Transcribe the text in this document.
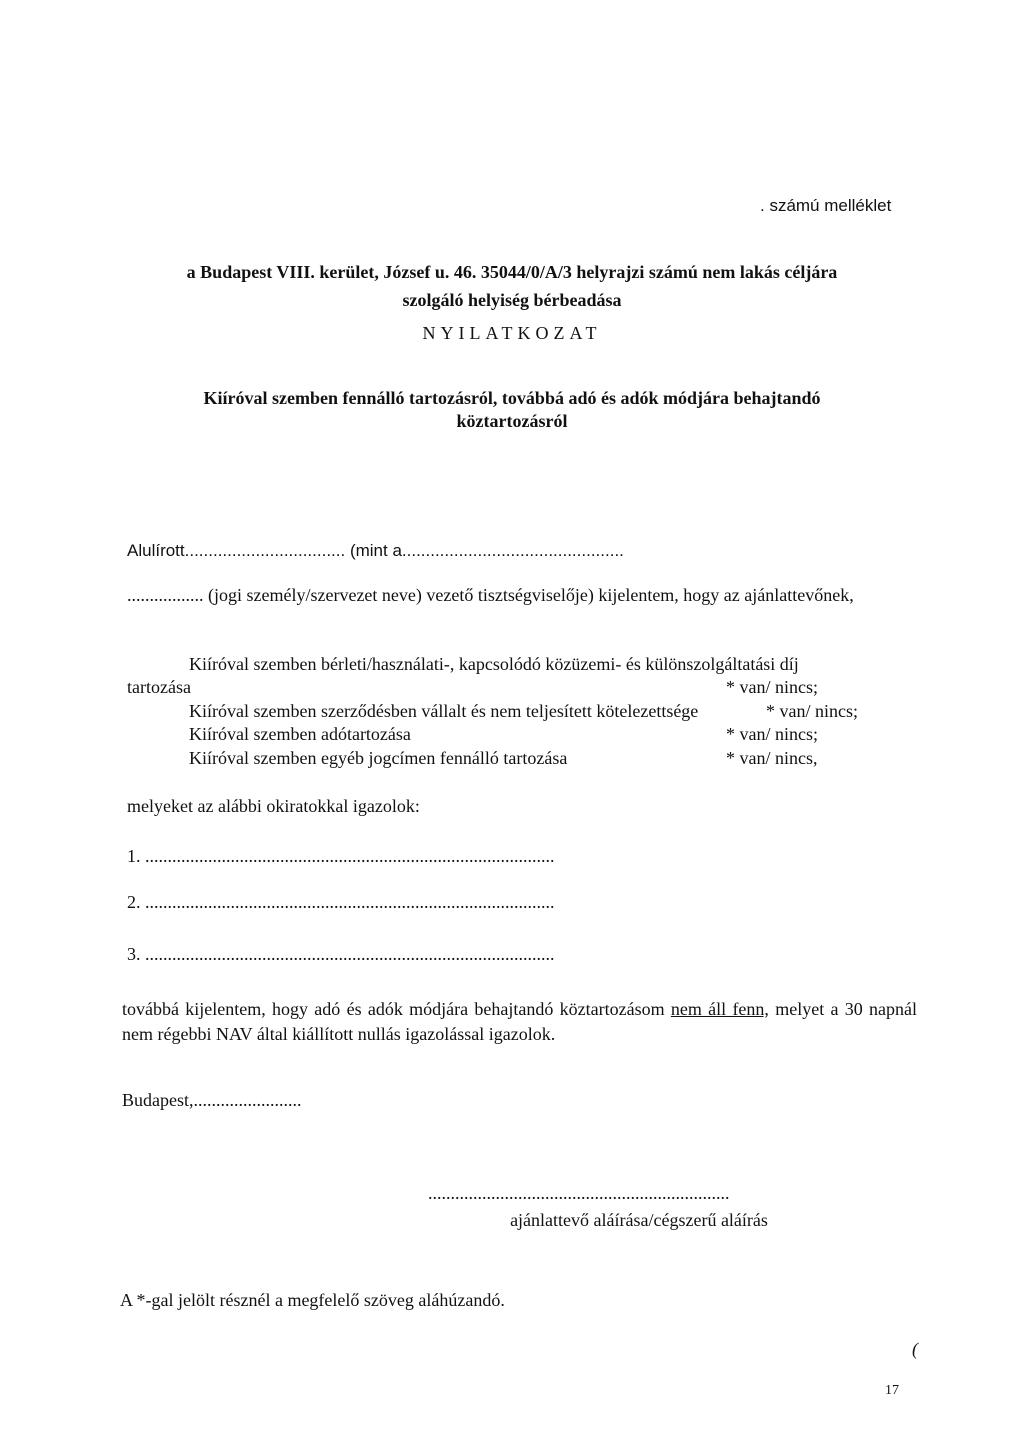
. számú melléklet
a Budapest VIII. kerület, József u. 46. 35044/0/A/3 helyrajzi számú nem lakás céljára
szolgáló helyiség bérbeadása
NYILATKOZAT
Kiíróval szemben fennálló tartozásról, továbbá adó és adók módjára behajtandó
köztartozásról
Alulírott.................................. (mint a...............................................
................. (jogi személy/szervezet neve) vezető tisztségviselője) kijelentem, hogy az ajánlattevőnek,
Kiíróval szemben bérleti/használati-, kapcsolódó közüzemi- és különszolgáltatási díj
tartozása	* van/ nincs;
Kiíróval szemben szerződésben vállalt és nem teljesített kötelezettsége	* van/ nincs;
Kiíróval szemben adótartozása	* van/ nincs;
Kiíróval szemben egyéb jogcímen fennálló tartozása	* van/ nincs,
melyeket az alábbi okiratokkal igazolok:
1. ...........................................................................................
2. ...........................................................................................
3. ...........................................................................................
továbbá kijelentem, hogy adó és adók módjára behajtandó köztartozásom nem áll fenn, melyet a 30 napnál nem régebbi NAV által kiállított nullás igazolással igazolok.
Budapest,........................
...................................................................
ajánlattevő aláírása/cégszerű aláírás
A *-gal jelölt résznél a megfelelő szöveg aláhúzandó.
(
17
